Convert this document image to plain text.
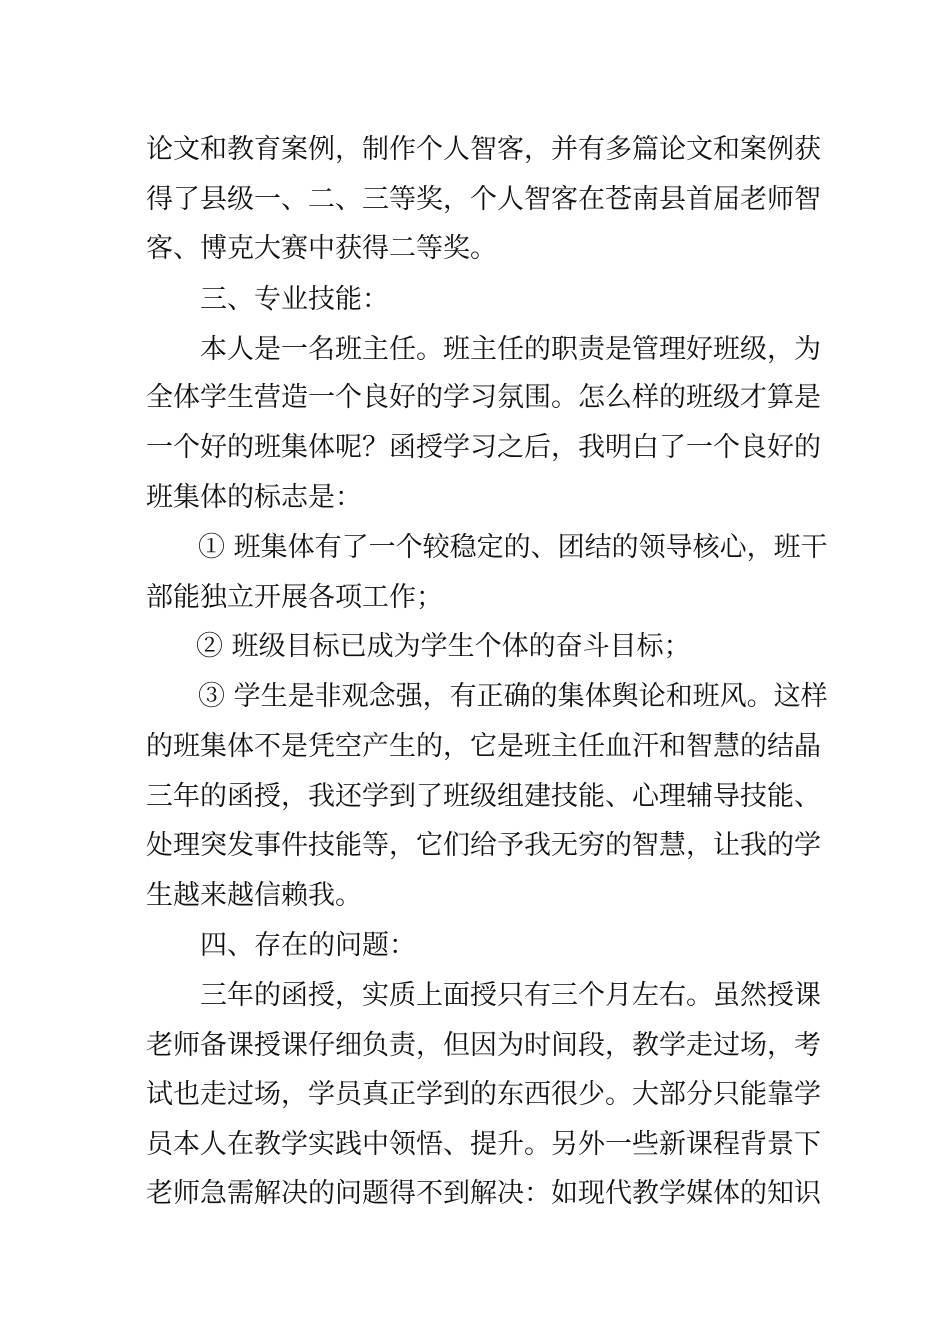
论文和教育案例，制作个人智客，并有多篇论文和案例获
得了县级一、二、三等奖，个人智客在苍南县首届老师智
客、博克大赛中获得二等奖。
三、专业技能：
本人是一名班主任。班主任的职责是管理好班级，为
全体学生营造一个良好的学习氛围。怎么样的班级才算是
一个好的班集体呢？函授学习之后，我明白了一个良好的
班集体的标志是：
① 班集体有了一个较稳定的、团结的领导核心，班干
部能独立开展各项工作；
② 班级目标已成为学生个体的奋斗目标；
③ 学生是非观念强，有正确的集体舆论和班风。这样
的班集体不是凭空产生的，它是班主任血汗和智慧的结晶
三年的函授，我还学到了班级组建技能、心理辅导技能、
处理突发事件技能等，它们给予我无穷的智慧，让我的学
生越来越信赖我。
四、存在的问题：
三年的函授，实质上面授只有三个月左右。虽然授课
老师备课授课仔细负责，但因为时间段，教学走过场，考
试也走过场，学员真正学到的东西很少。大部分只能靠学
员本人在教学实践中领悟、提升。另外一些新课程背景下
老师急需解决的问题得不到解决：如现代教学媒体的知识
